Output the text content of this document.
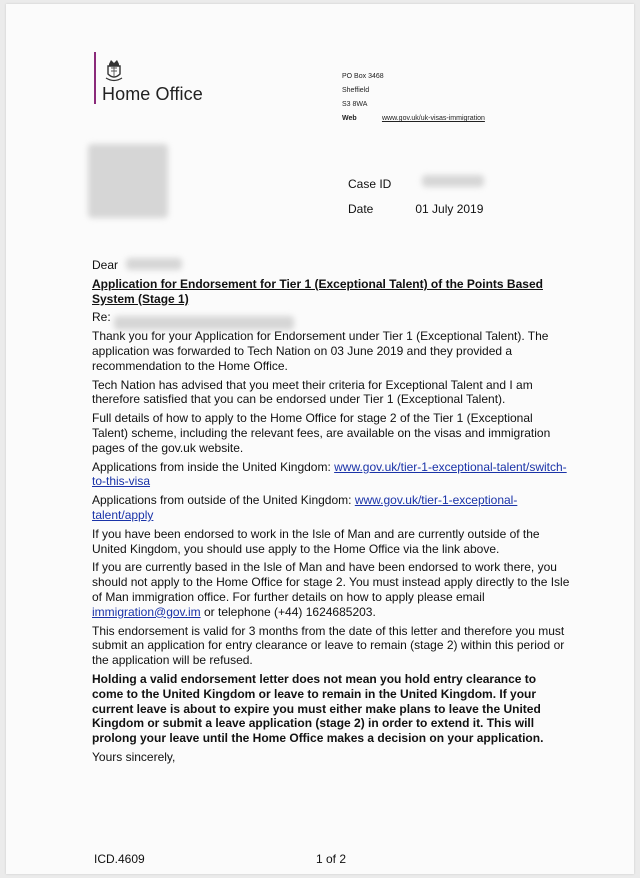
Home Office
PO Box 3468
Sheffield
S3 8WA
Web	www.gov.uk/uk-visas-immigration
Case ID
Date	01 July 2019

Dear

Application for Endorsement for Tier 1 (Exceptional Talent) of the Points Based System (Stage 1)

Re:

Thank you for your Application for Endorsement under Tier 1 (Exceptional Talent). The application was forwarded to Tech Nation on 03 June 2019 and they provided a recommendation to the Home Office.

Tech Nation has advised that you meet their criteria for Exceptional Talent and I am therefore satisfied that you can be endorsed under Tier 1 (Exceptional Talent).

Full details of how to apply to the Home Office for stage 2 of the Tier 1 (Exceptional Talent) scheme, including the relevant fees, are available on the visas and immigration pages of the gov.uk website.

Applications from inside the United Kingdom: www.gov.uk/tier-1-exceptional-talent/switch-to-this-visa

Applications from outside of the United Kingdom: www.gov.uk/tier-1-exceptional-talent/apply

If you have been endorsed to work in the Isle of Man and are currently outside of the United Kingdom, you should use apply to the Home Office via the link above.

If you are currently based in the Isle of Man and have been endorsed to work there, you should not apply to the Home Office for stage 2. You must instead apply directly to the Isle of Man immigration office. For further details on how to apply please email immigration@gov.im or telephone (+44) 1624685203.

This endorsement is valid for 3 months from the date of this letter and therefore you must submit an application for entry clearance or leave to remain (stage 2) within this period or the application will be refused.

Holding a valid endorsement letter does not mean you hold entry clearance to come to the United Kingdom or leave to remain in the United Kingdom. If your current leave is about to expire you must either make plans to leave the United Kingdom or submit a leave application (stage 2) in order to extend it. This will prolong your leave until the Home Office makes a decision on your application.

Yours sincerely,

ICD.4609	1 of 2
